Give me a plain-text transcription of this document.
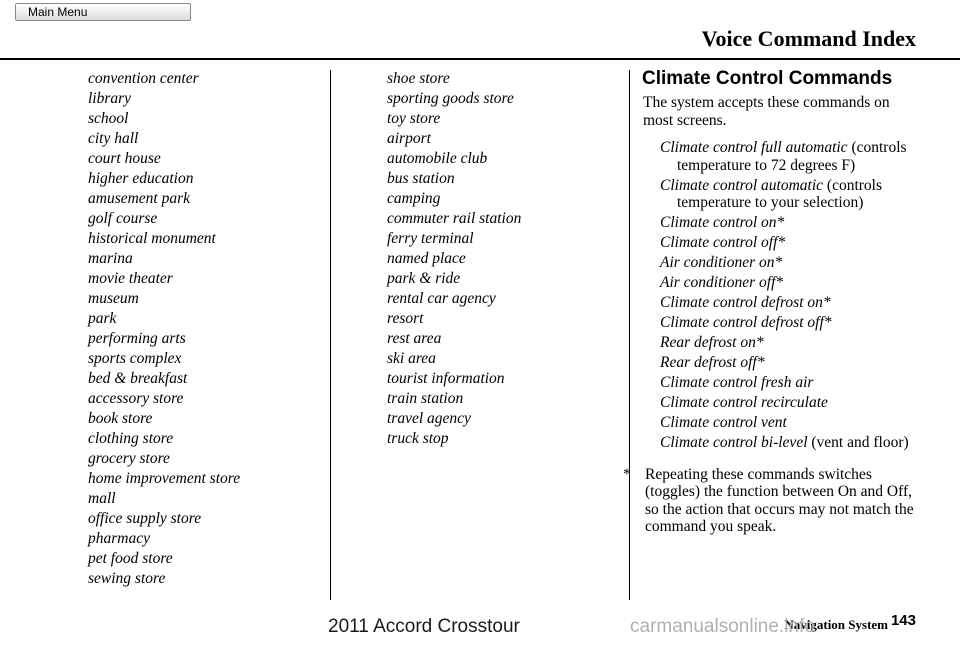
Main Menu
Voice Command Index
convention center
library
school
city hall
court house
higher education
amusement park
golf course
historical monument
marina
movie theater
museum
park
performing arts
sports complex
bed & breakfast
accessory store
book store
clothing store
grocery store
home improvement store
mall
office supply store
pharmacy
pet food store
sewing store
shoe store
sporting goods store
toy store
airport
automobile club
bus station
camping
commuter rail station
ferry terminal
named place
park & ride
rental car agency
resort
rest area
ski area
tourist information
train station
travel agency
truck stop
Climate Control Commands

The system accepts these commands on most screens.

Climate control full automatic (controls temperature to 72 degrees F)
Climate control automatic (controls temperature to your selection)
Climate control on*
Climate control off*
Air conditioner on*
Air conditioner off*
Climate control defrost on*
Climate control defrost off*
Rear defrost on*
Rear defrost off*
Climate control fresh air
Climate control recirculate
Climate control vent
Climate control bi-level (vent and floor)
* Repeating these commands switches (toggles) the function between On and Off, so the action that occurs may not match the command you speak.
Navigation System 143
2011 Accord Crosstour	carmanualsonline.info
